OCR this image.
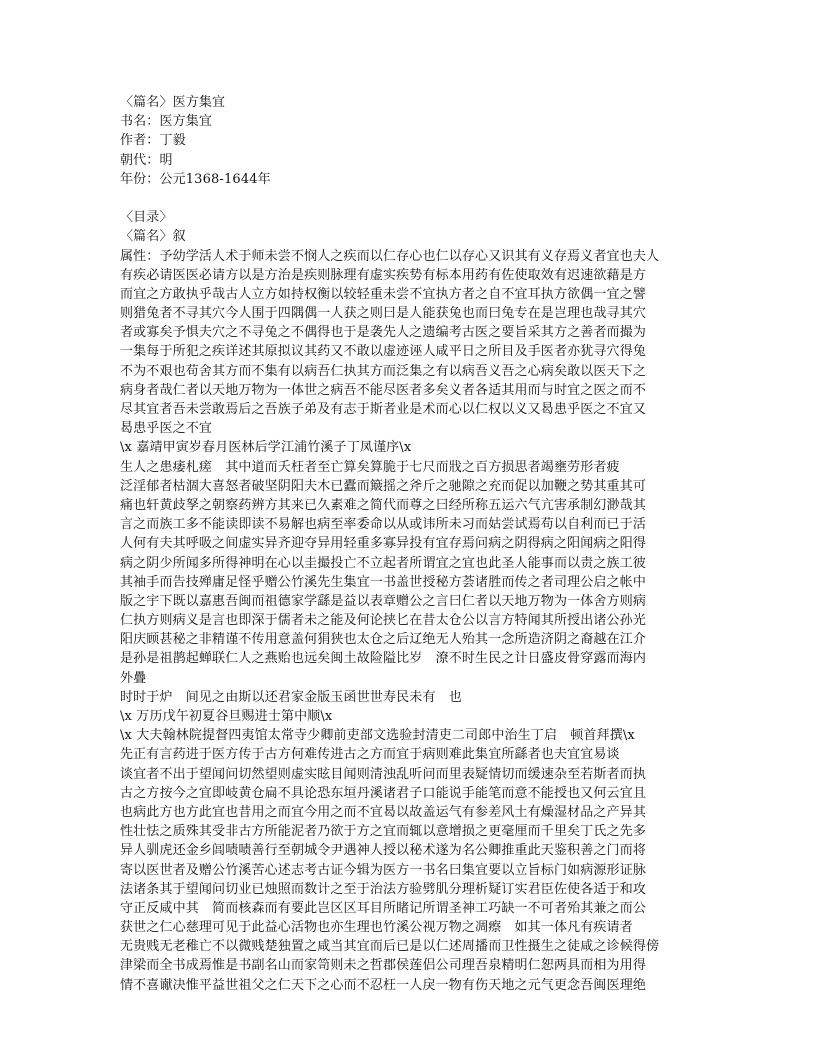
〈篇名〉医方集宜
书名：医方集宜
作者：丁毅
朝代：明
年份：公元1368-1644年
〈目录〉
〈篇名〉叙
属性：予幼学活人术于师未尝不悯人之疾而以仁存心也仁以存心又识其有义存焉义者宜也夫人
有疾必请医医必请方以是方治是疾则脉理有虚实疾势有标本用药有佐使取效有迟速欲藉是方
而宜之方敢执乎哉古人立方如持权衡以较轻重未尝不宜执方者之自不宜耳执方欲偶一宜之譬
则猎兔者不寻其穴今人围于四隅偶一人获之则曰是人能获兔也而曰兔专在是岂理也哉寻其穴
者或寡矣予惧夫穴之不寻兔之不偶得也于是袭先人之遗编考古医之要旨采其方之善者而撮为
一集每于所犯之疾详述其原拟议其药又不敢以虚迹诬人咸平日之所目及手医者亦犹寻穴得兔
不为不艰也苟舍其方而不集有以病吾仁执其方而泛集之有以病吾义吾之心病矣敢以医天下之
病身者哉仁者以天地万物为一体世之病吾不能尽医者多矣义者各适其用而与时宜之医之而不
尽其宜者吾未尝敢焉后之吾族子弟及有志于斯者业是术而心以仁权以义又曷患乎医之不宜又
曷患乎医之不宜
\x 嘉靖甲寅岁春月医林后学江浦竹溪子丁凤谨序\x
生人之患痿札瘥　其中道而夭枉者至亡算矣算脆于七尺而戕之百方损思者竭壅劳形者疲
泛淫郁者枯涸大喜怒者破坚阴阳夫木已蠹而簸摇之斧斤之驰隙之充而促以加鞭之势其重其可
痛也轩黄歧孥之朝察药辨方其来已久素难之简代而尊之曰经所称五运六气亢害承制幻渺哉其
言之而族工多不能读即读不易解也病至率委命以从或讳所未习而姑尝试焉苟以自利而已于活
人何有夫其呼吸之间虚实异齐迎夺异用轻重多寡异投有宜存焉问病之阴得病之阳闻病之阳得
病之阴少所闻多所得神明在心以圭撮投亡不立起者所谓宜之宜也此圣人能事而以责之族工彼
其袖手而告技殚庸足怪乎赠公竹溪先生集宜一书盖世授秘方荟诸胜而传之者司理公启之帐中
版之宇下既以嘉惠吾闽而祖德家学繇是益以表章赠公之言曰仁者以天地万物为一体舍方则病
仁执方则病义是言也即深于儒者未之能及何论挟匕在昔太仓公以言方特闻其所授出诸公孙光
阳庆顾甚秘之非精谨不传用意盖何狷狭也太仓之后辽绝无人殆其一念所造济阴之裔越在江介
是孙是祖鹊起蝉联仁人之燕贻也远矣闽土故险隘比岁　潦不时生民之计日盛皮骨穿露而海内
外疊
时时于炉　间见之由斯以还君家金版玉函世世寿民未有　也
\x 万历戊午初夏谷旦赐进士第中顺\x
\x 大夫翰林院提督四夷馆太常寺少卿前吏部文选验封清吏二司郎中治生丁启　顿首拜撰\x
先正有言药进于医方传于古方何难传进古之方而宜于病则难此集宜所繇者也夫宜宜易谈
谈宜者不出于望闻问切然望则虚实眩目闻则清浊乱听问而里表疑情切而缓速杂至若斯者而执
古之方按今之宜即岐黄仓扁不具论恐东垣丹溪诸君子口能说手能笔而意不能授也又何云宜且
也病此方也方此宜也昔用之而宜今用之而不宜曷以故盖运气有参差风土有燥湿材品之产异其
性壮怯之质殊其受非古方所能泥者乃欲于方之宜而辄以意增损之更毫厘而千里矣丁氏之先多
异人驯虎还金乡闾啧啧善行至朝城令尹遇神人授以秘术遂为名公卿推重此天鉴积善之门而将
寄以医世者及赠公竹溪苦心述志考古证今辑为医方一书名曰集宜要以立旨标门如病源形证脉
法诸条其于望闻问切业已烛照而数计之至于治法方验劈肌分理析疑订实君臣佐使各适于和攻
守正反咸中其　简而核森而有要此岂区区耳目所睹记所谓圣神工巧缺一不可者殆其兼之而公
获世之仁心慈理可见于此益心活物也亦生理也竹溪公视万物之凋瘵　如其一体凡有疾请者
无贵贱无老稚亡不以微贱楚独置之咸当其宜而后已是以仁述周播而卫性摄生之徒咸之诊候得傍
津梁而全书成焉惟是书副名山而家笥则未之哲郡侯莲侣公司理吾泉精明仁恕两具而相为用得
情不喜谳决惟平益世祖父之仁天下之心而不忍枉一人戾一物有伤天地之元气更念吾闽医理绝
